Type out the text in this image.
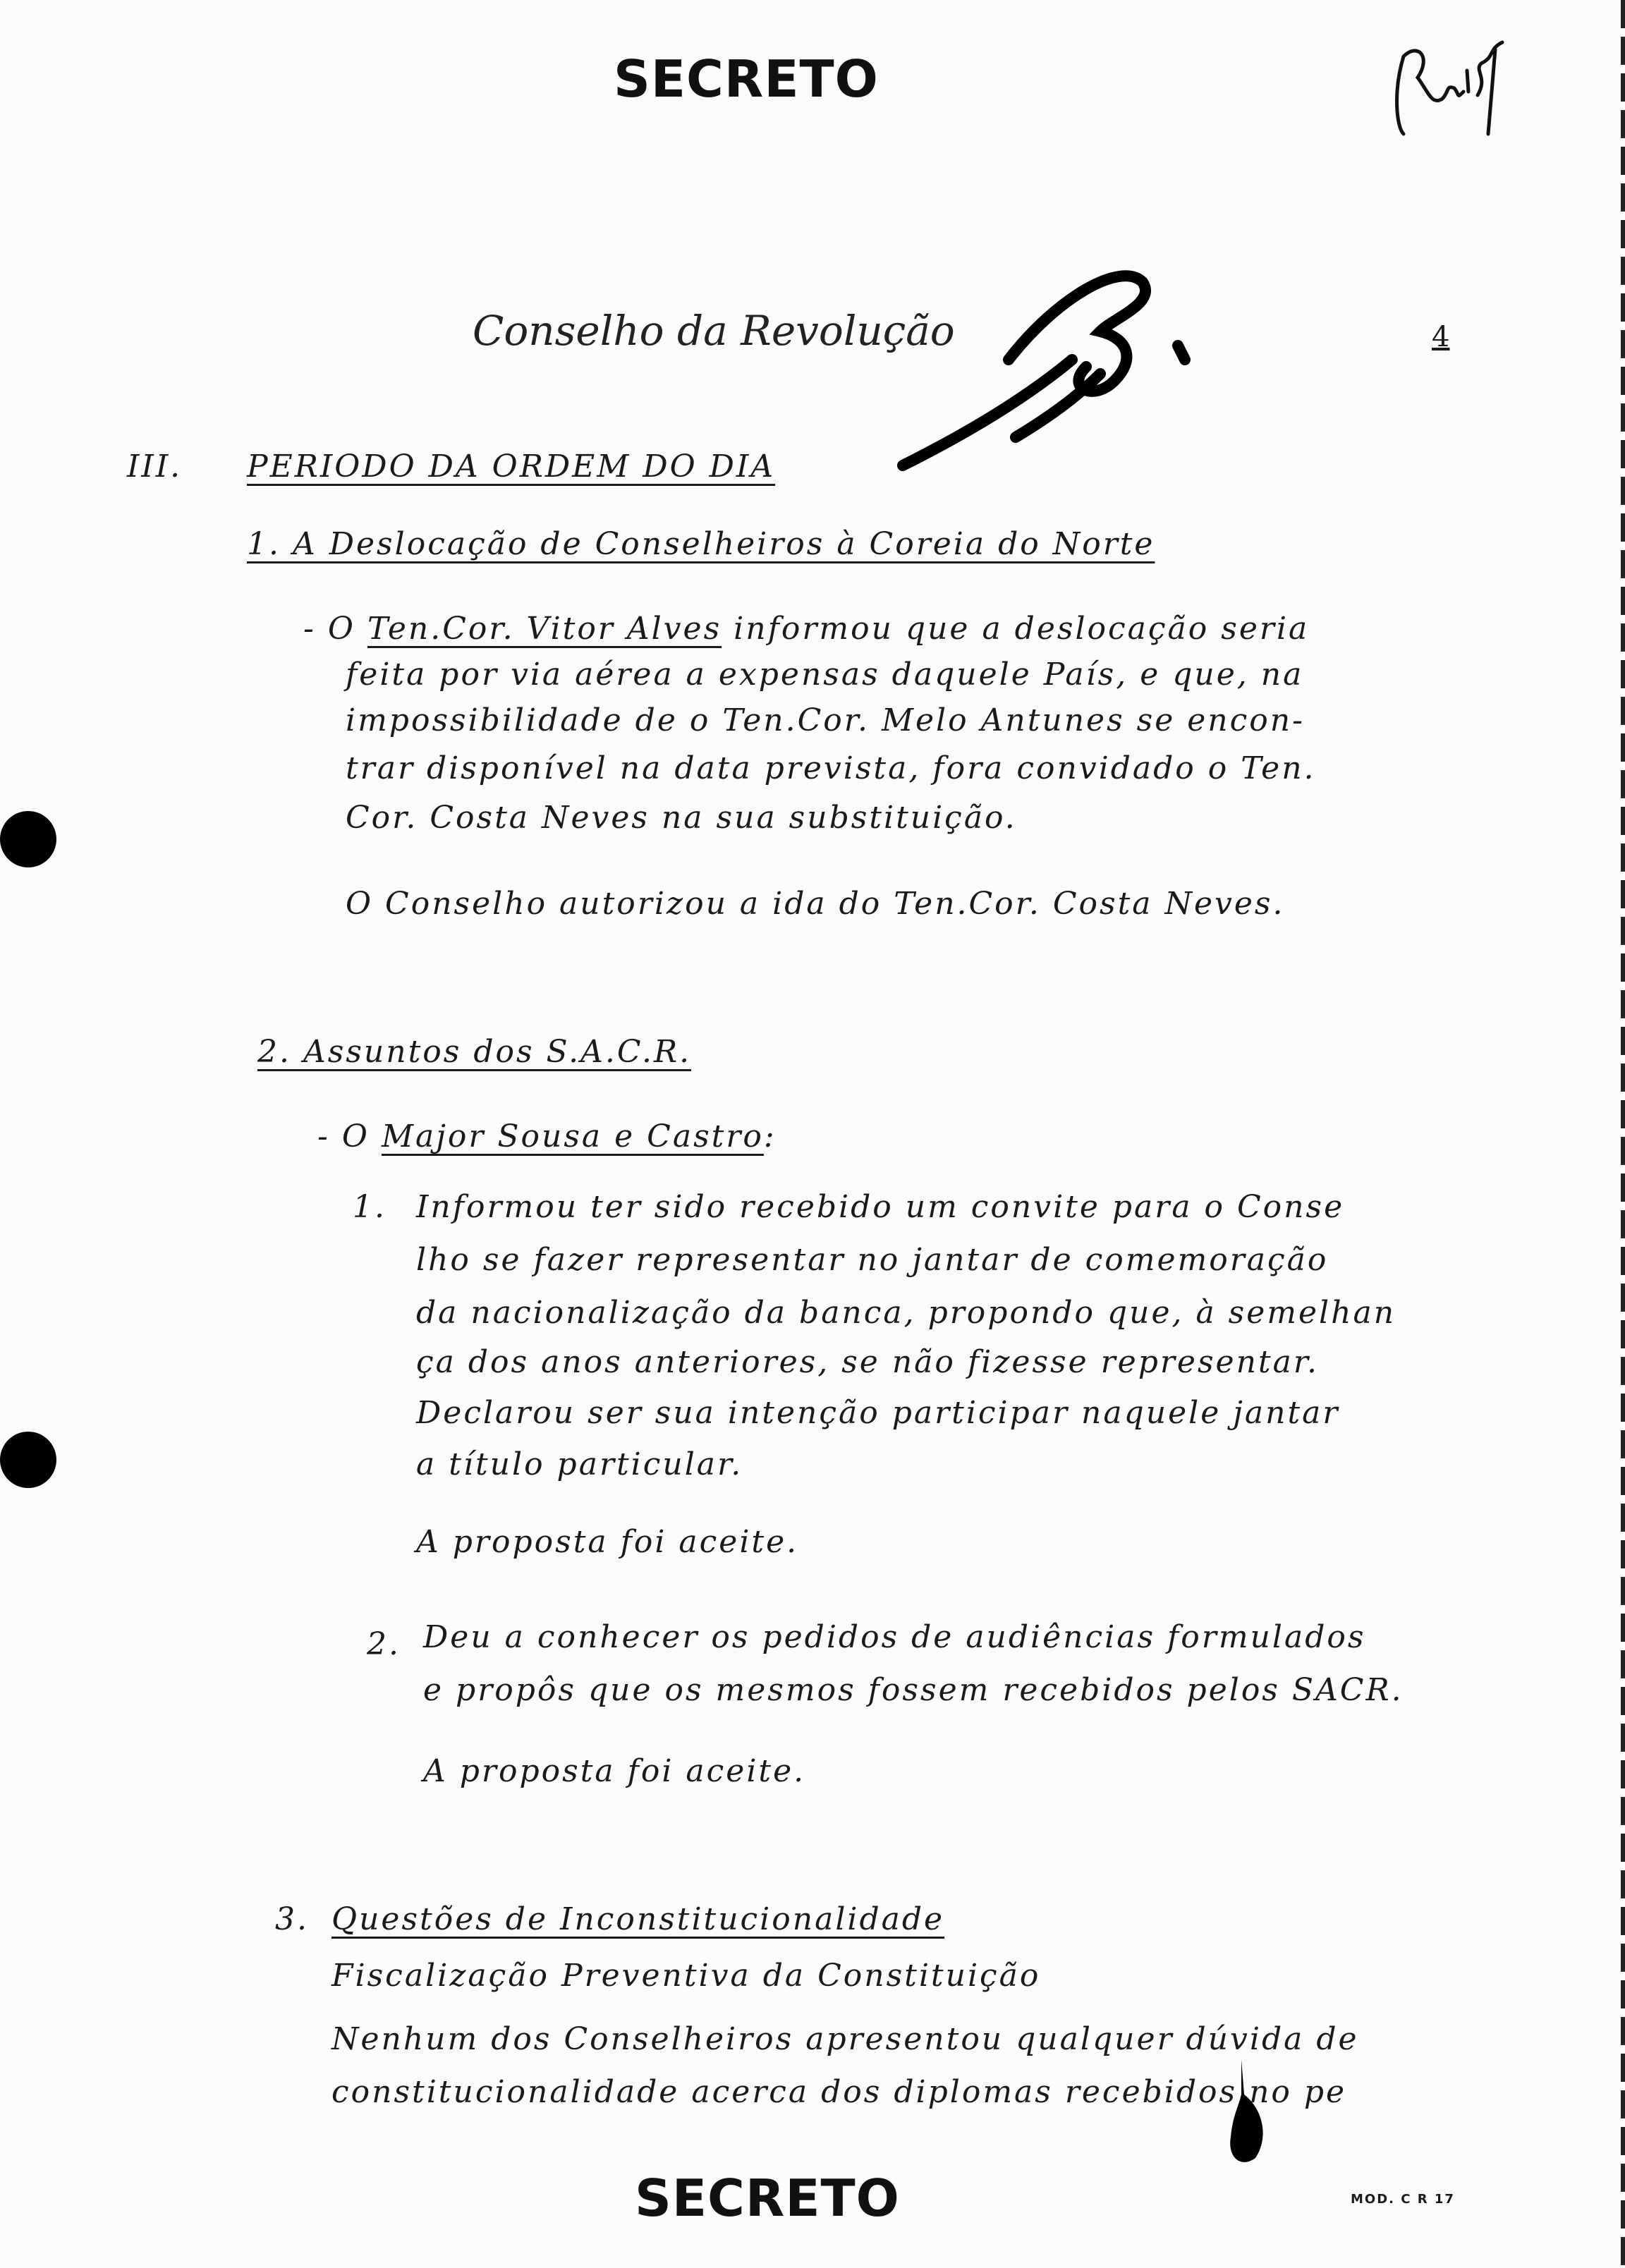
SECRETO
Conselho da Revolução	4
III. PERIODO DA ORDEM DO DIA
1. A Deslocação de Conselheiros à Coreia do Norte
- O Ten.Cor. Vitor Alves informou que a deslocação seria
feita por via aérea a expensas daquele País, e que, na
impossibilidade de o Ten.Cor. Melo Antunes se encon-
trar disponível na data prevista, fora convidado o Ten.
Cor. Costa Neves na sua substituição.
O Conselho autorizou a ida do Ten.Cor. Costa Neves.
2. Assuntos dos S.A.C.R.
- O Major Sousa e Castro:
1. Informou ter sido recebido um convite para o Conse
lho se fazer representar no jantar de comemoração
da nacionalização da banca, propondo que, à semelhan
ça dos anos anteriores, se não fizesse representar.
Declarou ser sua intenção participar naquele jantar
a título particular.
A proposta foi aceite.
2. Deu a conhecer os pedidos de audiências formulados
e propôs que os mesmos fossem recebidos pelos SACR.
A proposta foi aceite.
3. Questões de Inconstitucionalidade
Fiscalização Preventiva da Constituição
Nenhum dos Conselheiros apresentou qualquer dúvida de
constitucionalidade acerca dos diplomas recebidos no pe
SECRETO	MOD. C R 17
